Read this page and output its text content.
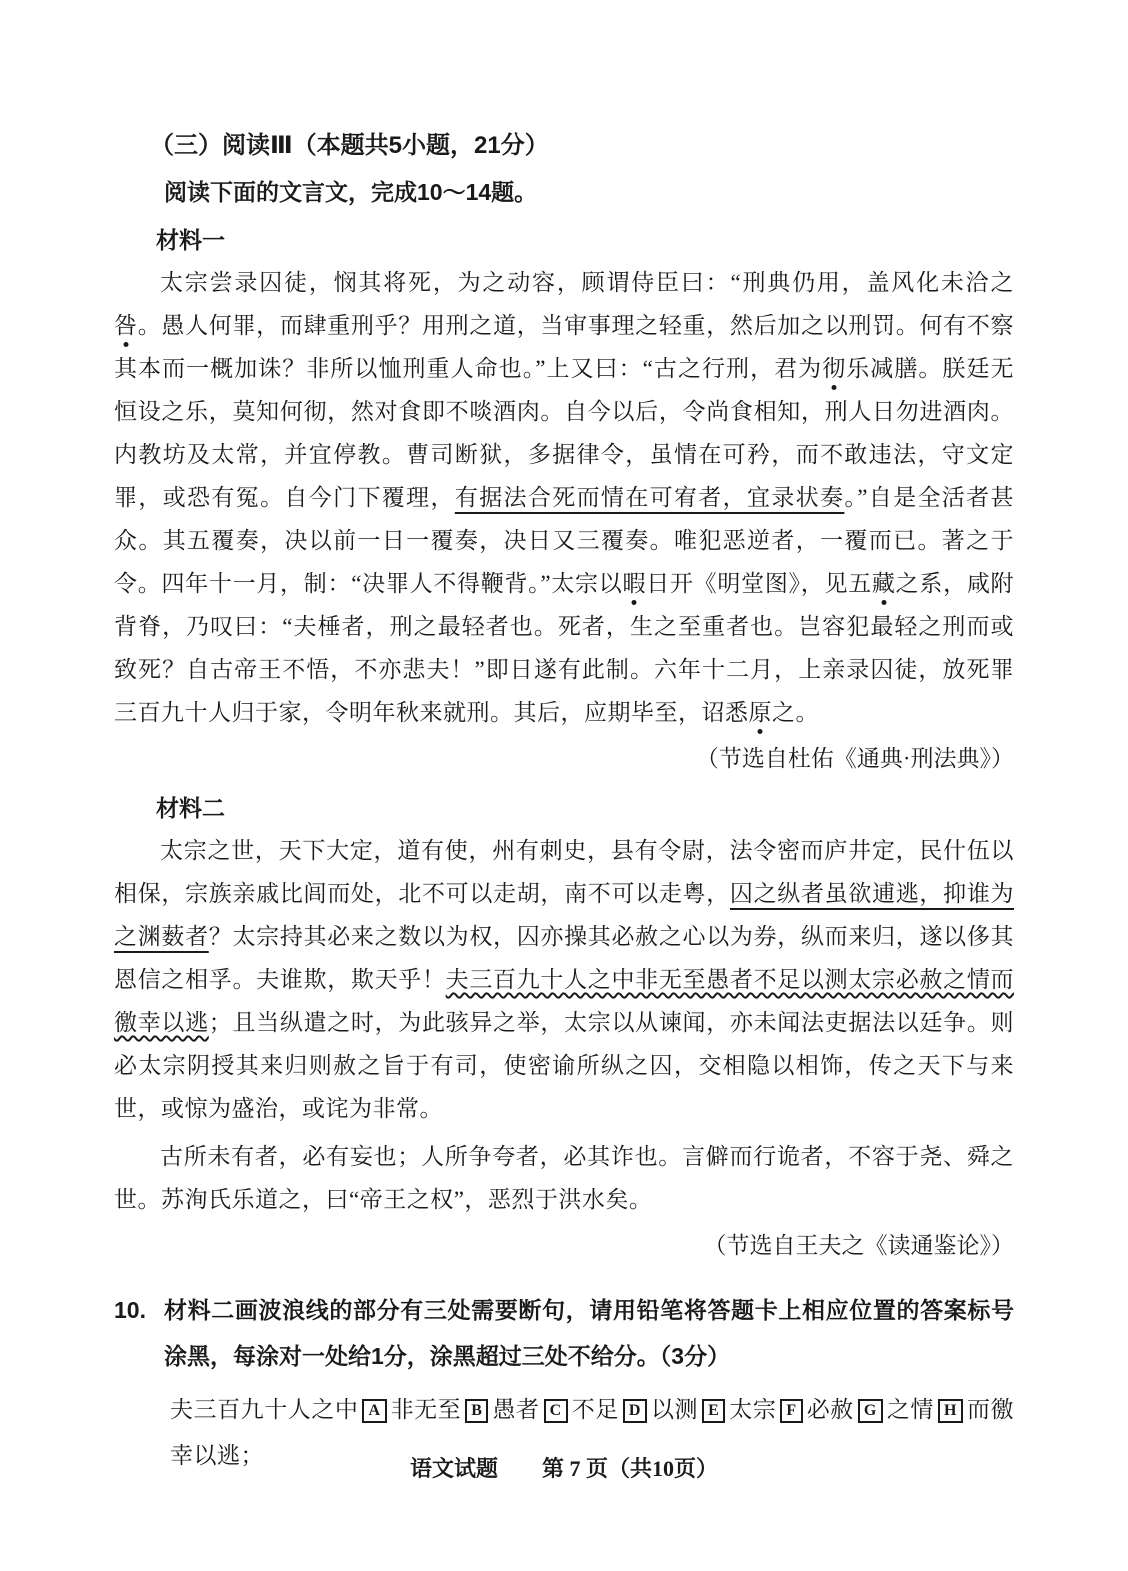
（三）阅读Ⅲ（本题共5小题，21分）
阅读下面的文言文，完成10～14题。
材料一

太宗尝录囚徒，悯其将死，为之动容，顾谓侍臣曰：“刑典仍用，盖风化未洽之咎。愚人何罪，而肆重刑乎？用刑之道，当审事理之轻重，然后加之以刑罚。何有不察其本而一概加诛？非所以恤刑重人命也。”上又曰：“古之行刑，君为彻乐减膳。朕廷无恒设之乐，莫知何彻，然对食即不啖酒肉。自今以后，令尚食相知，刑人日勿进酒肉。内教坊及太常，并宜停教。曹司断狱，多据律令，虽情在可矜，而不敢违法，守文定罪，或恐有冤。自今门下覆理，有据法合死而情在可宥者，宜录状奏。”自是全活者甚众。其五覆奏，决以前一日一覆奏，决日又三覆奏。唯犯恶逆者，一覆而已。著之于令。四年十一月，制：“决罪人不得鞭背。”太宗以暇日开《明堂图》，见五藏之系，咸附背脊，乃叹曰：“夫棰者，刑之最轻者也。死者，生之至重者也。岂容犯最轻之刑而或致死？自古帝王不悟，不亦悲夫！”即日遂有此制。六年十二月，上亲录囚徒，放死罪三百九十人归于家，令明年秋来就刑。其后，应期毕至，诏悉原之。

（节选自杜佑《通典·刑法典》）
材料二

太宗之世，天下大定，道有使，州有刺史，县有令尉，法令密而庐井定，民什伍以相保，宗族亲戚比闾而处，北不可以走胡，南不可以走粤，囚之纵者虽欲逋逃，抑谁为之渊薮者？太宗持其必来之数以为权，囚亦操其必赦之心以为券，纵而来归，遂以侈其恩信之相孚。夫谁欺，欺天乎！夫三百九十人之中非无至愚者不足以测太宗必赦之情而徼幸以逃；且当纵遣之时，为此骇异之举，太宗以从谏闻，亦未闻法吏据法以廷争。则必太宗阴授其来归则赦之旨于有司，使密谕所纵之囚，交相隐以相饰，传之天下与来世，或惊为盛治，或诧为非常。

古所未有者，必有妄也；人所争夸者，必其诈也。言僻而行诡者，不容于尧、舜之世。苏洵氏乐道之，曰“帝王之权”，恶烈于洪水矣。

（节选自王夫之《读通鉴论》）
10. 材料二画波浪线的部分有三处需要断句，请用铅笔将答题卡上相应位置的答案标号涂黑，每涂对一处给1分，涂黑超过三处不给分。（3分）

夫三百九十人之中 A 非无至 B 愚者 C 不足 D 以测 E 太宗 F 必赦 G 之情 H 而徼幸以逃；

语文试题　　第 7 页（共10页）
